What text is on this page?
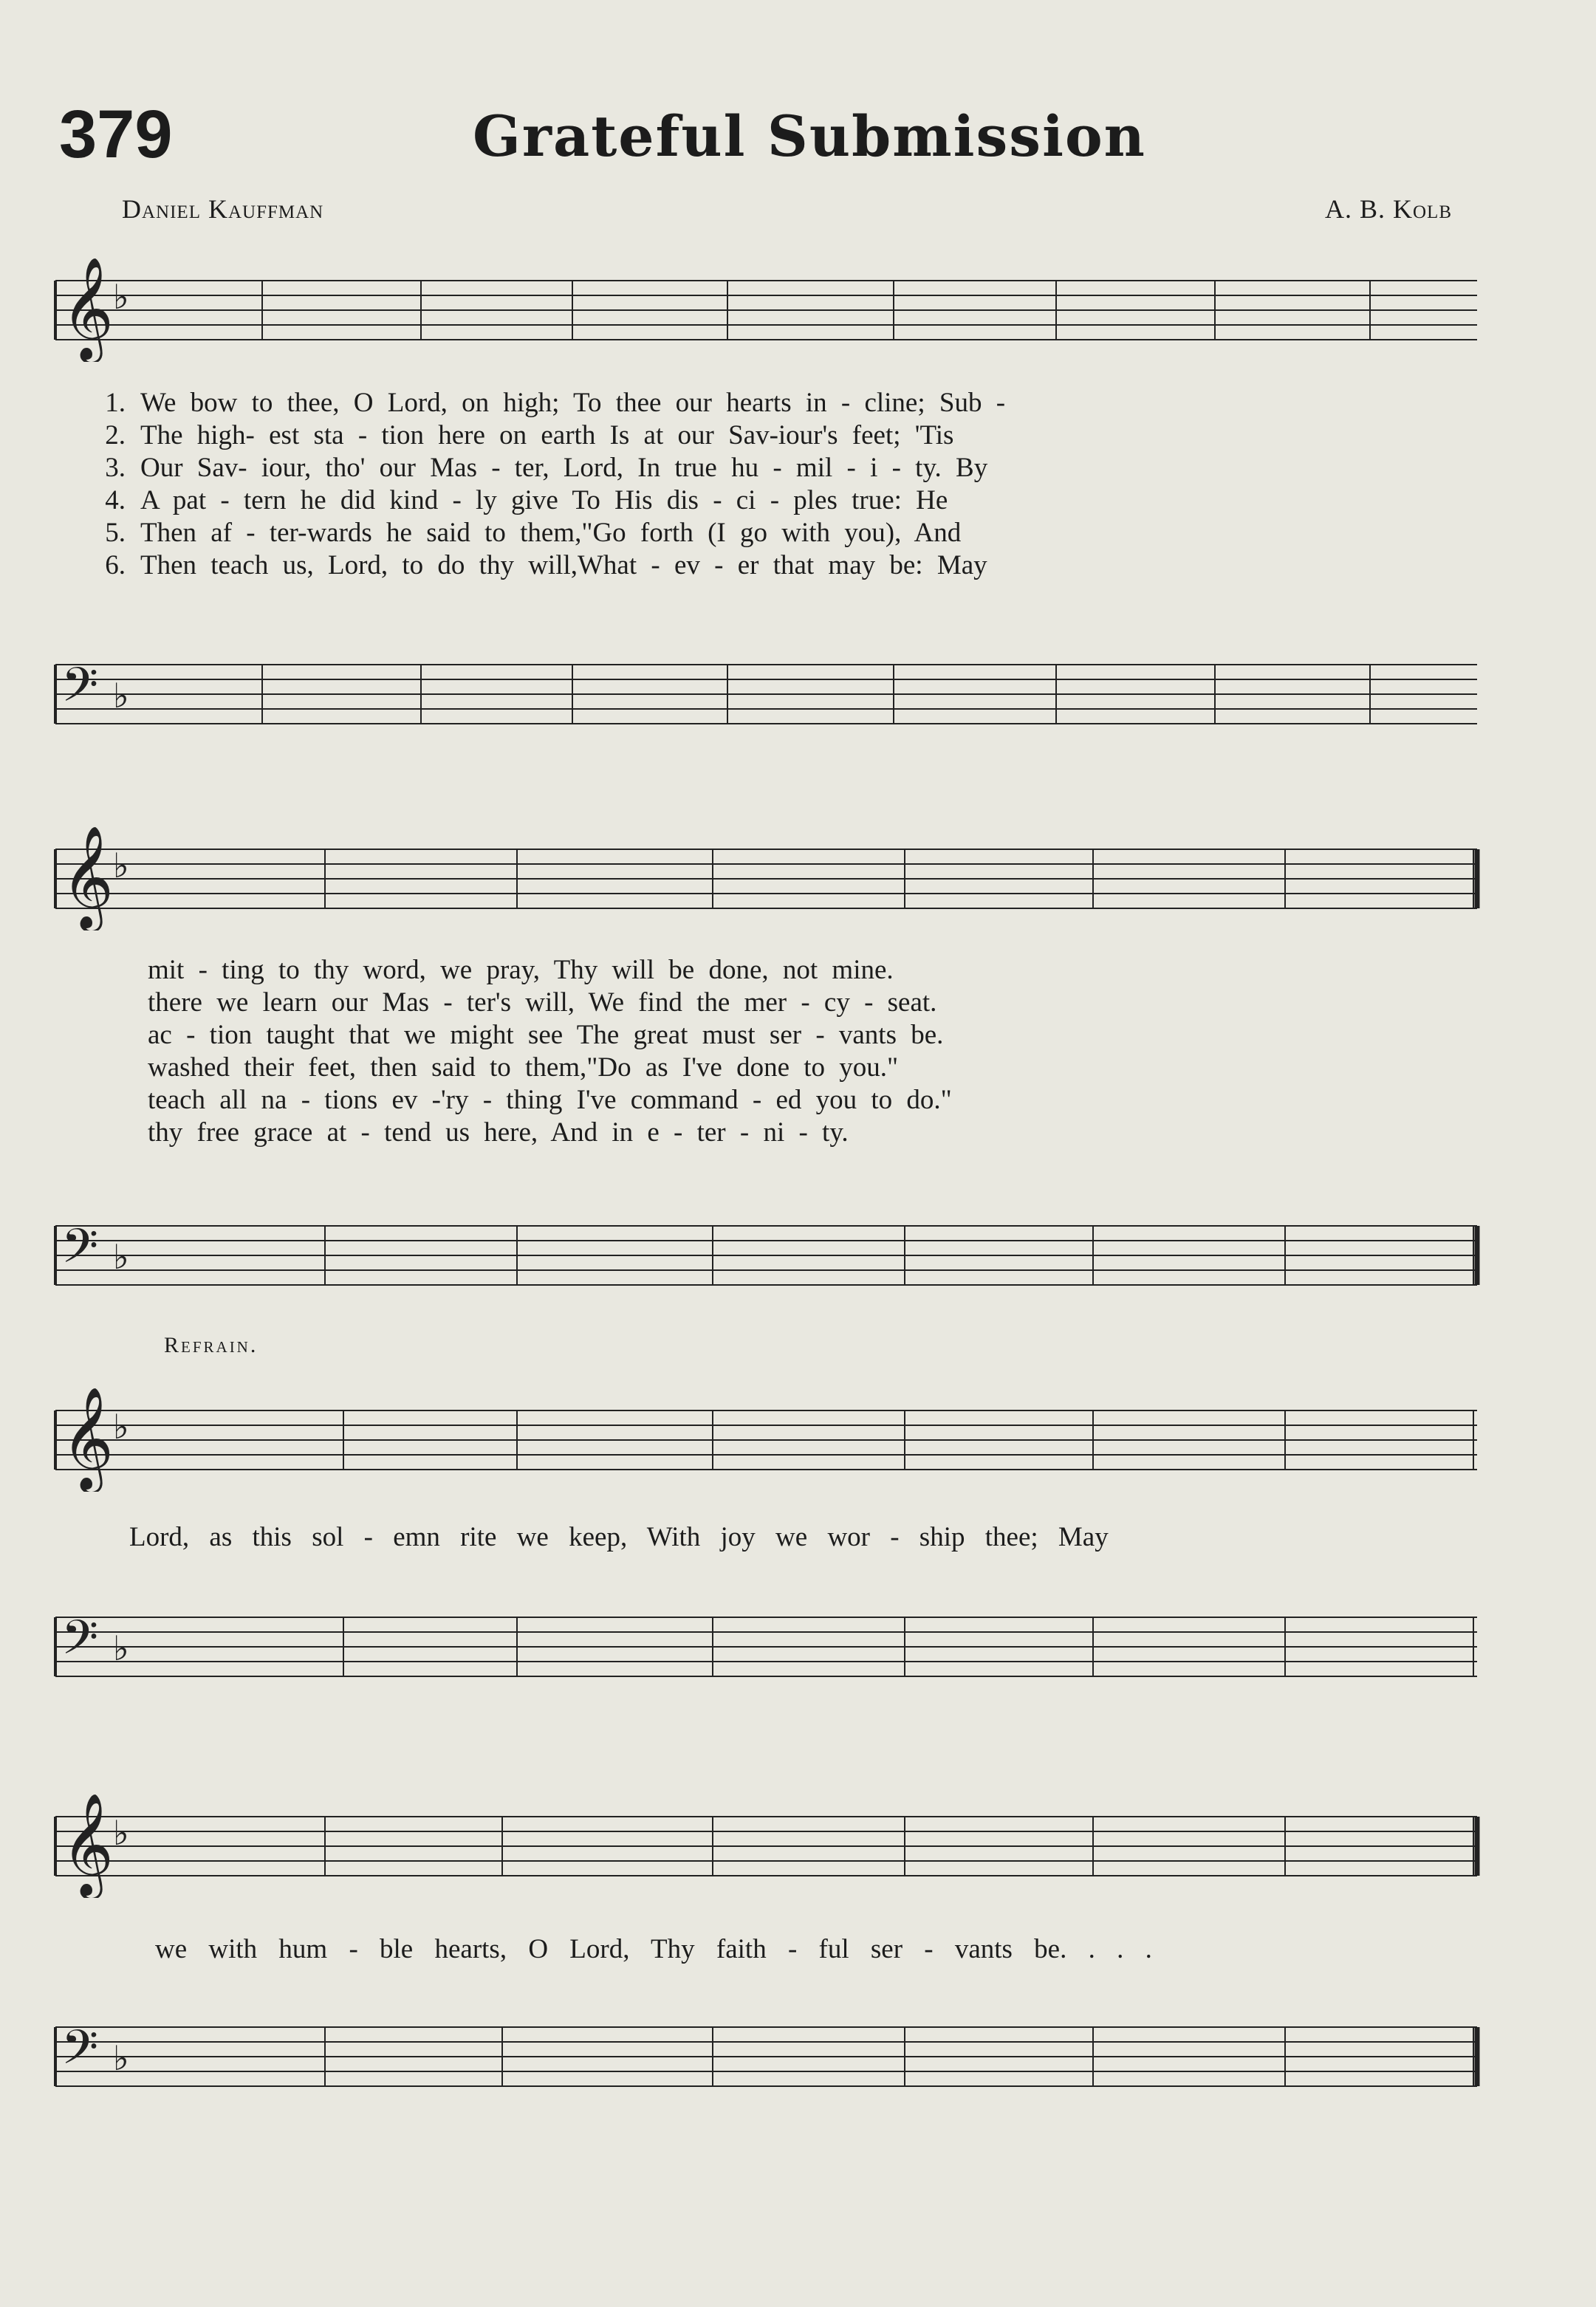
379	Grateful Submission
Daniel Kauffman	A. B. Kolb
𝄞 ♭
𝄢 ♭
1. We bow to thee, O Lord, on high; To thee our hearts in - cline; Sub -
2. The high- est sta - tion here on earth Is at our Sav-iour's feet; 'Tis
3. Our Sav- iour, tho' our Mas - ter, Lord, In true hu - mil - i - ty. By
4. A pat - tern he did kind - ly give To His dis - ci - ples true: He
5. Then af - ter-wards he said to them,"Go forth (I go with you), And
6. Then teach us, Lord, to do thy will,What - ev - er that may be: May
𝄞 ♭
𝄢 ♭
mit - ting to thy word, we pray, Thy will be done, not mine.
there we learn our Mas - ter's will, We find the mer - cy - seat.
ac - tion taught that we might see The great must ser - vants be.
washed their feet, then said to them,"Do as I've done to you."
teach all na - tions ev -'ry - thing I've command - ed you to do."
thy free grace at - tend us here, And in e - ter - ni - ty.
Refrain.
𝄞 ♭
Lord, as this sol - emn rite we keep, With joy we wor - ship thee; May
𝄢 ♭
𝄞 ♭
we with hum - ble hearts, O Lord, Thy faith - ful ser - vants be. . . .
𝄢 ♭
